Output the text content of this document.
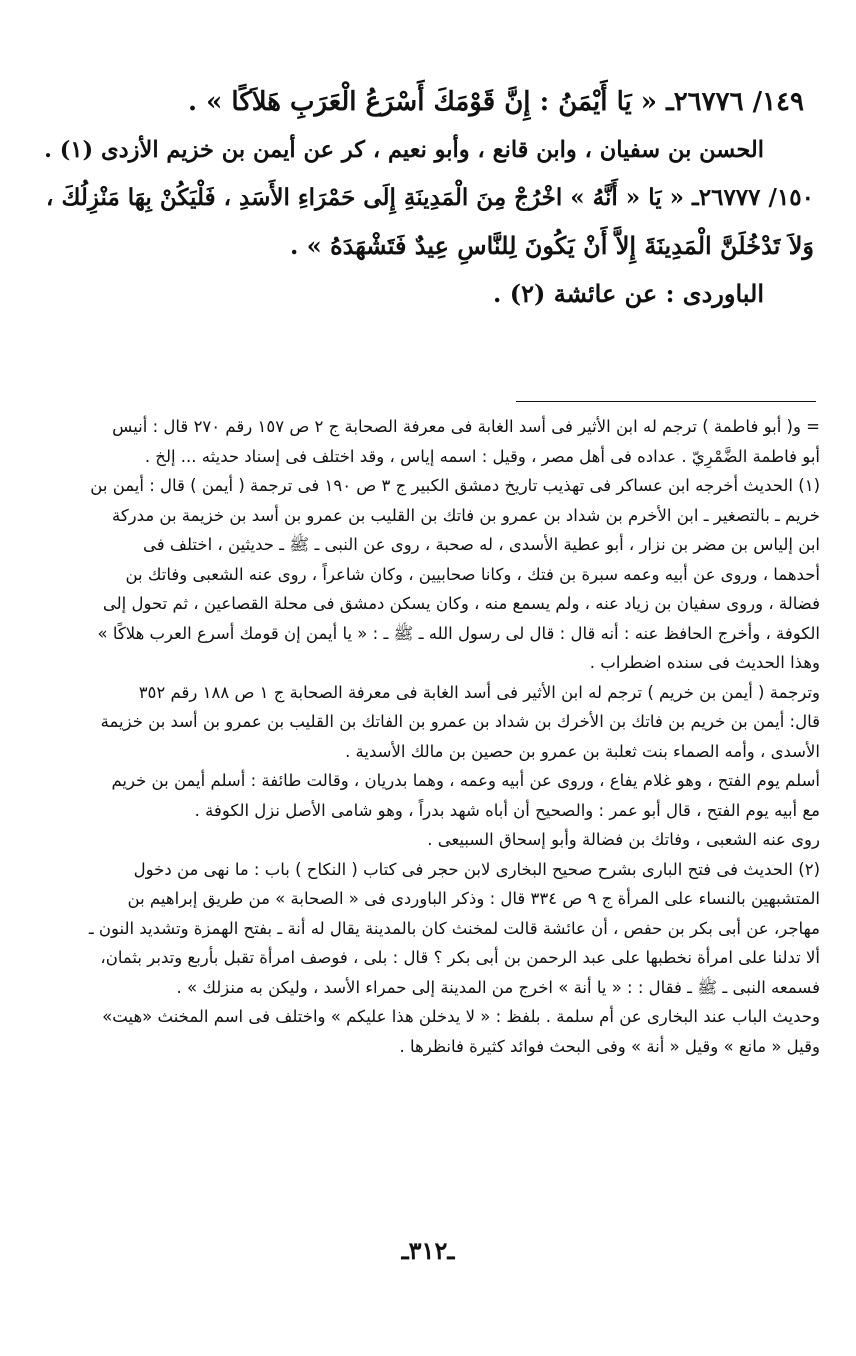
١٤٩/ ٢٦٧٧٦ـ « يَا أَيْمَنُ : إِنَّ قَوْمَكَ أَسْرَعُ الْعَرَبِ هَلاَكًا » .
الحسن بن سفيان ، وابن قانع ، وأبو نعيم ، كر عن أيمن بن خزيم الأزدى (١) .
١٥٠/ ٢٦٧٧٧ـ « يَا « أَنَّهُ » اخْرُجْ مِنَ الْمَدِينَةِ إِلَى حَمْرَاءِ الأَسَدِ ، فَلْيَكُنْ بِهَا مَنْزِلُكَ ،
وَلاَ تَدْخُلَنَّ الْمَدِينَةَ إِلاَّ أَنْ يَكُونَ لِلنَّاسِ عِيدٌ فَتَشْهَدَهُ » .
الباوردى : عن عائشة (٢) .
= و( أبو فاطمة ) ترجم له ابن الأثير فى أسد الغابة فى معرفة الصحابة ج ٢ ص ١٥٧ رقم ٢٧٠ قال : أنيس
أبو فاطمة الضَّمْرِيّ . عداده فى أهل مصر ، وقيل : اسمه إياس ، وقد اختلف فى إسناد حديثه ... إلخ .
(١) الحديث أخرجه ابن عساكر فى تهذيب تاريخ دمشق الكبير ج ٣ ص ١٩٠ فى ترجمة ( أيمن ) قال : أيمن بن
خريم ـ بالتصغير ـ ابن الأخرم بن شداد بن عمرو بن فاتك بن القليب بن عمرو بن أسد بن خزيمة بن مدركة
ابن إلياس بن مضر بن نزار ، أبو عطية الأسدى ، له صحبة ، روى عن النبى ـ ﷺ ـ حديثين ، اختلف فى
أحدهما ، وروى عن أبيه وعمه سبرة بن فتك ، وكانا صحابيين ، وكان شاعراً ، روى عنه الشعبى وفاتك بن
فضالة ، وروى سفيان بن زياد عنه ، ولم يسمع منه ، وكان يسكن دمشق فى محلة القصاعين ، ثم تحول إلى
الكوفة ، وأخرج الحافظ عنه : أنه قال : قال لى رسول الله ـ ﷺ ـ : « يا أيمن إن قومك أسرع العرب هلاكًا »
وهذا الحديث فى سنده اضطراب .
وترجمة ( أيمن بن خريم ) ترجم له ابن الأثير فى أسد الغابة فى معرفة الصحابة ج ١ ص ١٨٨ رقم ٣٥٢
قال: أيمن بن خريم بن فاتك بن الأخرك بن شداد بن عمرو بن الفاتك بن القليب بن عمرو بن أسد بن خزيمة
الأسدى ، وأمه الصماء بنت ثعلبة بن عمرو بن حصين بن مالك الأسدية .
أسلم يوم الفتح ، وهو غلام يفاع ، وروى عن أبيه وعمه ، وهما بدريان ، وقالت طائفة : أسلم أيمن بن خريم
مع أبيه يوم الفتح ، قال أبو عمر : والصحيح أن أباه شهد بدراً ، وهو شامى الأصل نزل الكوفة .
روى عنه الشعبى ، وفاتك بن فضالة وأبو إسحاق السبيعى .
(٢) الحديث فى فتح الباری بشرح صحیح البخاری لابن حجر فی کتاب ( النکاح ) باب : ما نهى من دخول
المتشبهين بالنساء على المرأة ج ٩ ص ٣٣٤ قال : وذكر الباوردى فى « الصحابة » من طريق إبراهيم بن
مهاجر، عن أبى بكر بن حفص ، أن عائشة قالت لمخنث كان بالمدينة يقال له أنة ـ بفتح الهمزة وتشديد النون ـ
ألا تدلنا على امرأة نخطبها على عبد الرحمن بن أبى بكر ؟ قال : بلى ، فوصف امرأة تقبل بأربع وتدبر بثمان،
فسمعه النبى ـ ﷺ ـ فقال : : « يا أنة » اخرج من المدينة إلى حمراء الأسد ، وليكن به منزلك » .
وحديث الباب عند البخارى عن أم سلمة . بلفظ : « لا يدخلن هذا عليكم » واختلف فى اسم المخنث «هيت»
وقيل « مانع » وقيل « أنة » وفى البحث فوائد كثيرة فانظرها .
ـ٣١٢ـ
